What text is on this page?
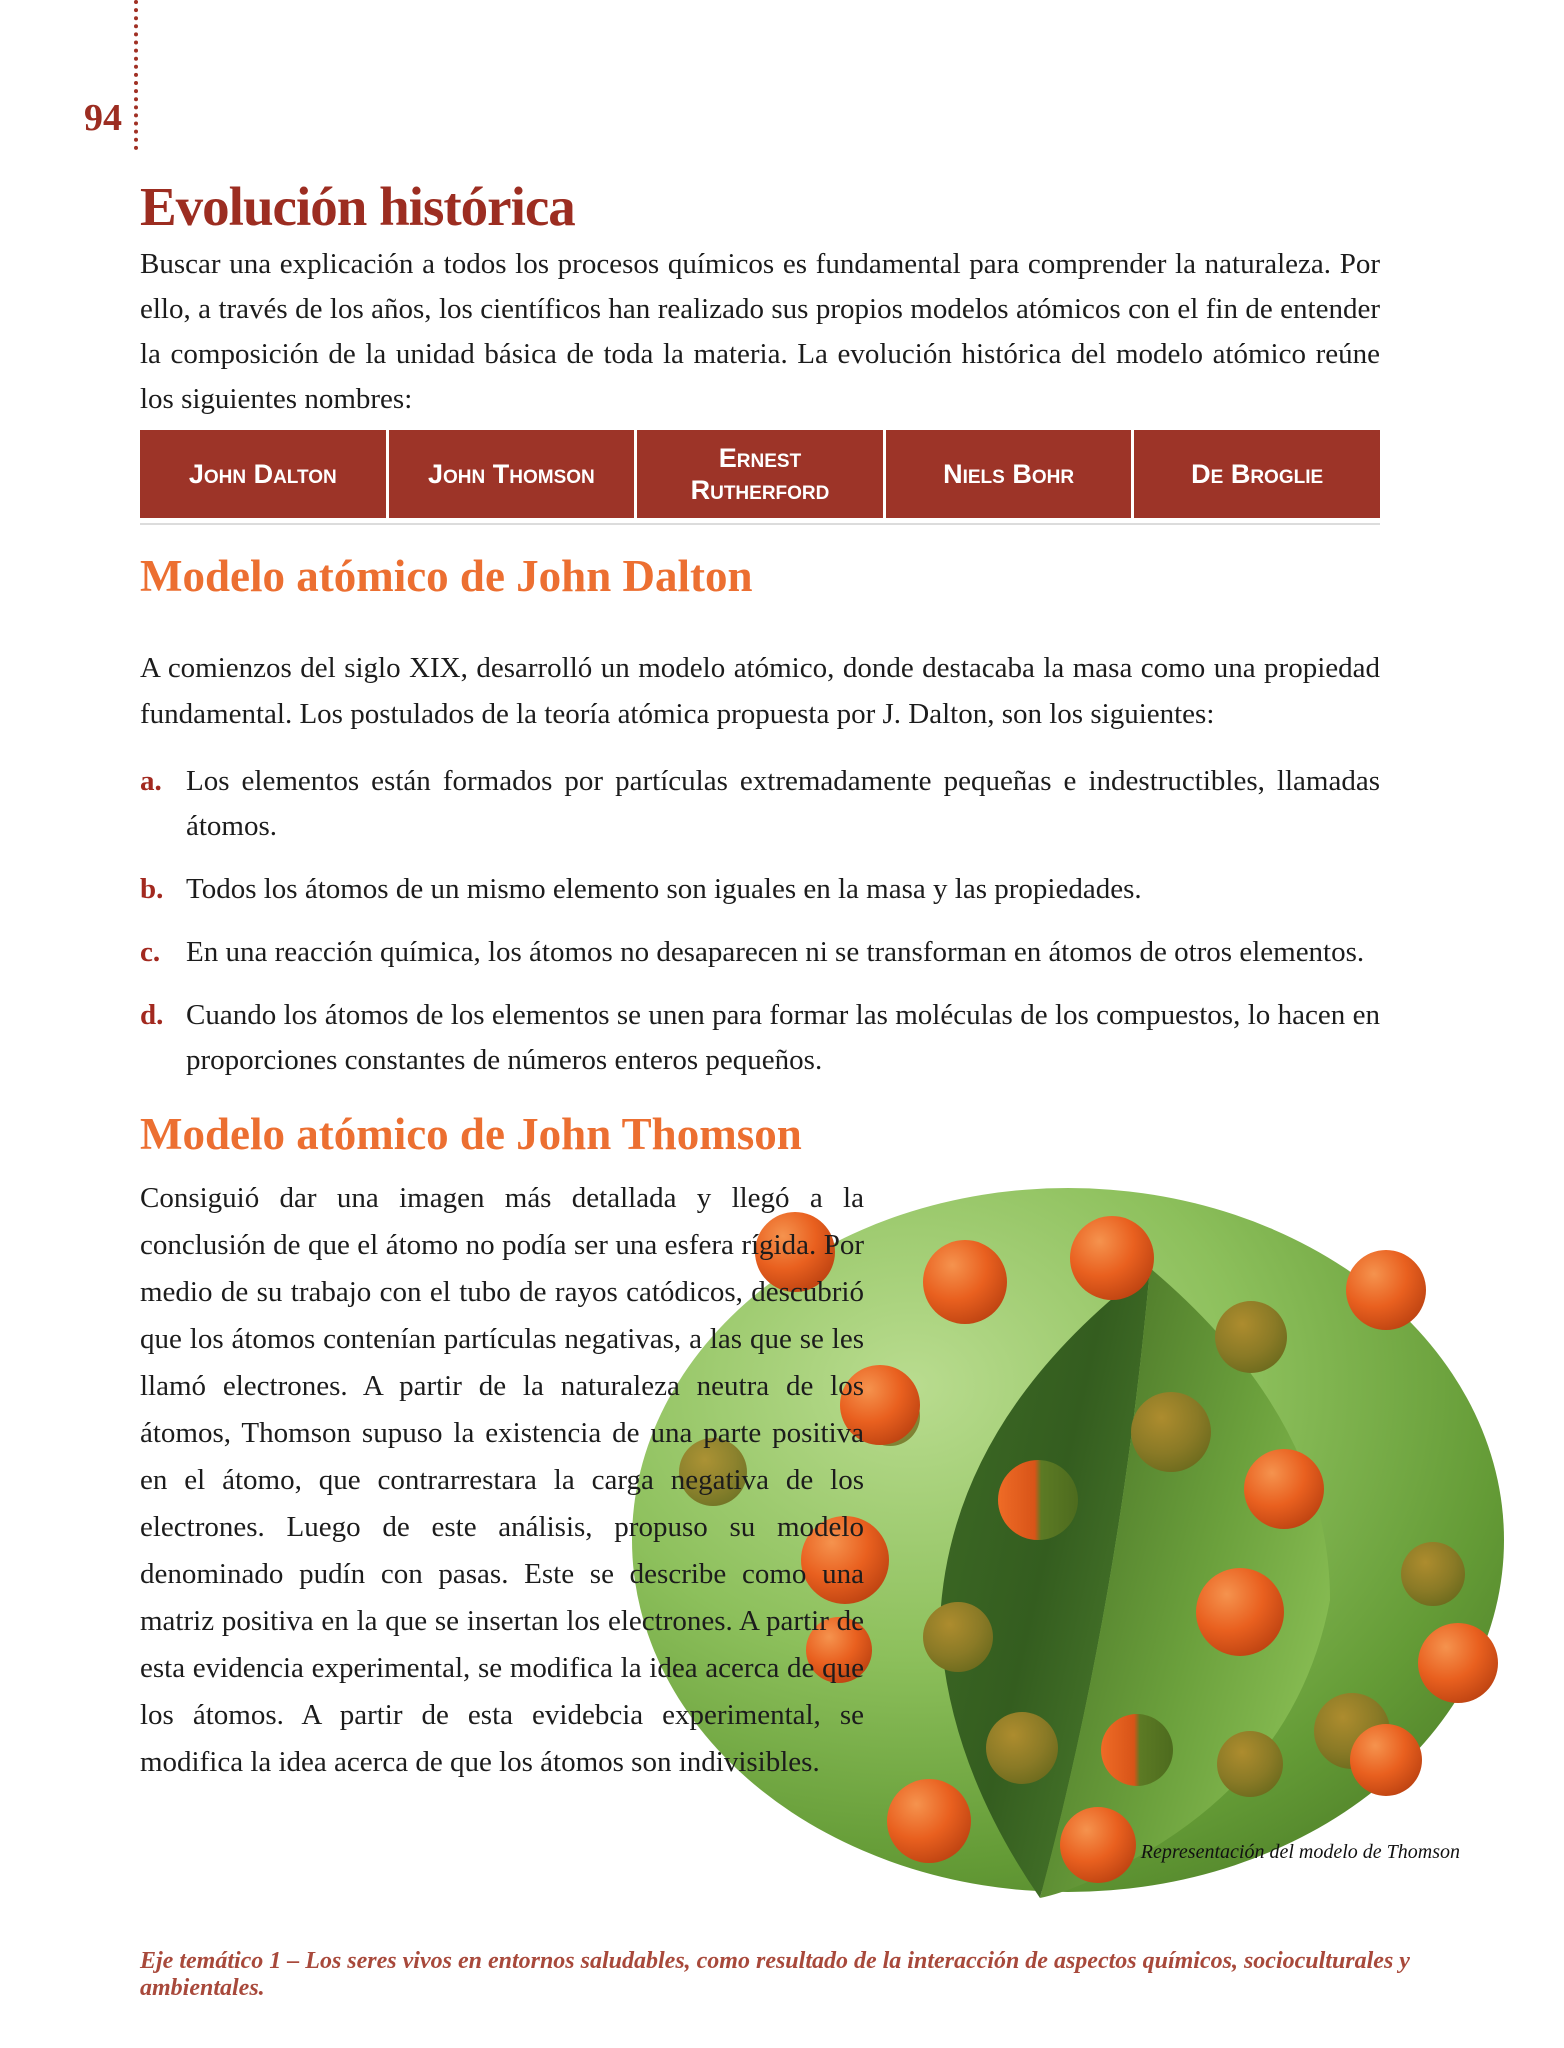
94
Evolución histórica

Buscar una explicación a todos los procesos químicos es fundamental para comprender la naturaleza. Por ello, a través de los años, los científicos han realizado sus propios modelos atómicos con el fin de entender la composición de la unidad básica de toda la materia. La evolución histórica del modelo atómico reúne los siguientes nombres:

John Dalton	John Thomson
Ernest Rutherford
Niels Bohr	De Broglie
Modelo atómico de John Dalton

A comienzos del siglo XIX, desarrolló un modelo atómico, donde destacaba la masa como una propiedad fundamental. Los postulados de la teoría atómica propuesta por J. Dalton, son los siguientes:

a. Los elementos están formados por partículas extremadamente pequeñas e indestructibles, llamadas átomos.
b. Todos los átomos de un mismo elemento son iguales en la masa y las propiedades.
c. En una reacción química, los átomos no desaparecen ni se transforman en átomos de otros elementos.
d. Cuando los átomos de los elementos se unen para formar las moléculas de los compuestos, lo hacen en proporciones constantes de números enteros pequeños.
Modelo atómico de John Thomson

Consiguió dar una imagen más detallada y llegó a la conclusión de que el átomo no podía ser una esfera rígida. Por medio de su trabajo con el tubo de rayos catódicos, descubrió que los átomos contenían partículas negativas, a las que se les llamó electrones. A partir de la naturaleza neutra de los átomos, Thomson supuso la existencia de una parte positiva en el átomo, que contrarrestara la carga negativa de los electrones. Luego de este análisis, propuso su modelo denominado pudín con pasas. Este se describe como una matriz positiva en la que se insertan los electrones. A partir de esta evidencia experimental, se modifica la idea acerca de que los átomos. A partir de esta evidebcia experimental, se modifica la idea acerca de que los átomos son indivisibles.

Representación del modelo de Thomson
Eje temático 1 – Los seres vivos en entornos saludables, como resultado de la interacción de aspectos químicos, socioculturales y ambientales.
